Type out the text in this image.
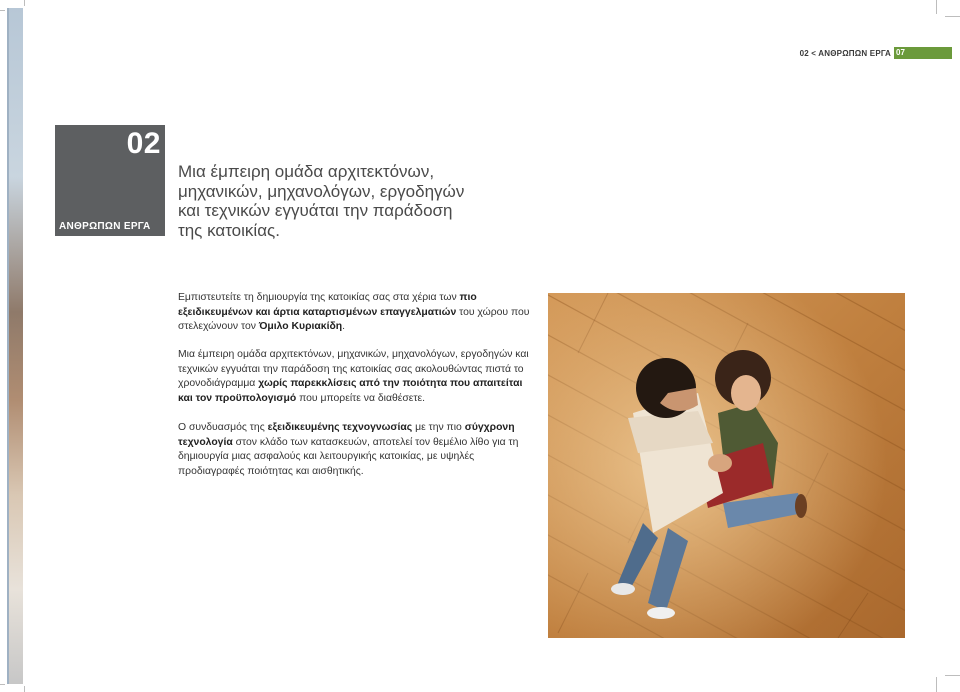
02 < ΑΝΘΡΩΠΩΝ ΕΡΓΑ 07
02
ΑΝΘΡΩΠΩΝ ΕΡΓΑ
Μια έμπειρη ομάδα αρχιτεκτόνων,
μηχανικών, μηχανολόγων, εργοδηγών
και τεχνικών εγγυάται την παράδοση
της κατοικίας.
Εμπιστευτείτε τη δημιουργία της κατοικίας σας στα χέρια των πιο εξειδικευμένων και άρτια καταρτισμένων επαγγελματιών του χώρου που στελεχώνουν τον Όμιλο Κυριακίδη.
Μια έμπειρη ομάδα αρχιτεκτόνων, μηχανικών, μηχανολόγων, εργοδηγών και τεχνικών εγγυάται την παράδοση της κατοικίας σας ακολουθώντας πιστά το χρονοδιάγραμμα χωρίς παρεκκλίσεις από την ποιότητα που απαιτείται και τον προϋπολογισμό που μπορείτε να διαθέσετε.
Ο συνδυασμός της εξειδικευμένης τεχνογνωσίας με την πιο σύγχρονη τεχνολογία στον κλάδο των κατασκευών, αποτελεί τον θεμέλιο λίθο για τη δημιουργία μιας ασφαλούς και λειτουργικής κατοικίας, με υψηλές προδιαγραφές ποιότητας και αισθητικής.
